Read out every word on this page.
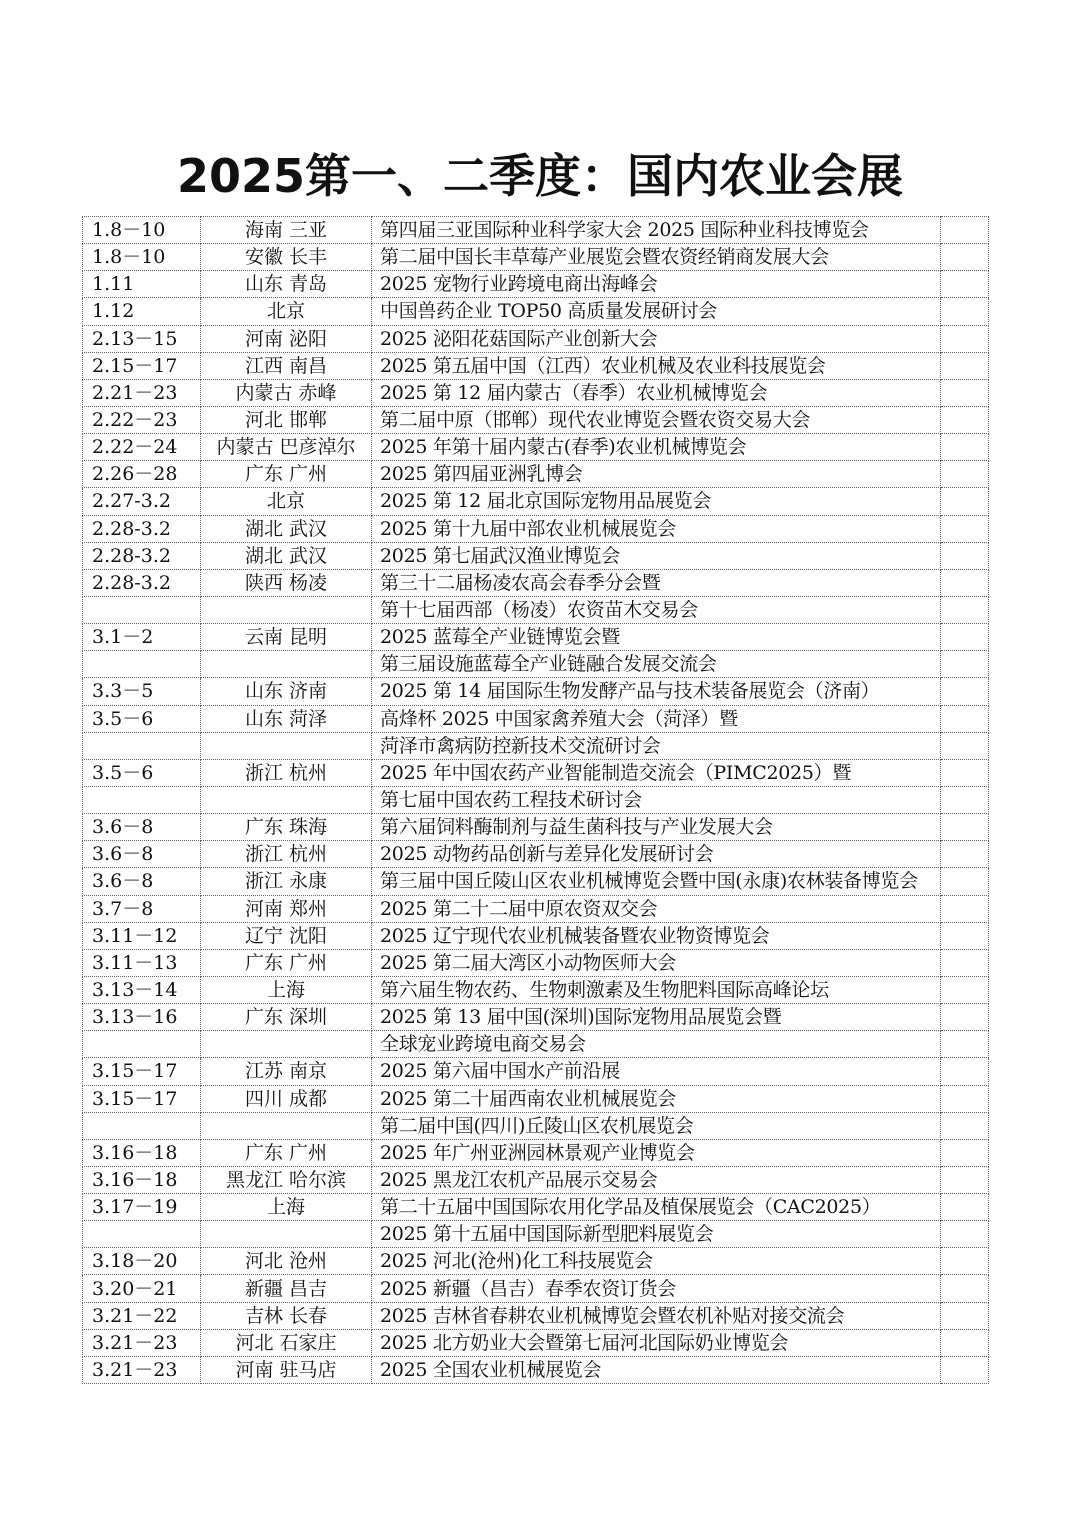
2025第一、二季度：国内农业会展
1.8－10	海南 三亚	第四届三亚国际种业科学家大会 2025 国际种业科技博览会	
1.8－10	安徽 长丰	第二届中国长丰草莓产业展览会暨农资经销商发展大会	
1.11	山东 青岛	2025 宠物行业跨境电商出海峰会	
1.12	北京	中国兽药企业 TOP50 高质量发展研讨会	
2.13－15	河南 泌阳	2025 泌阳花菇国际产业创新大会	
2.15－17	江西 南昌	2025 第五届中国（江西）农业机械及农业科技展览会	
2.21－23	内蒙古 赤峰	2025 第 12 届内蒙古（春季）农业机械博览会	
2.22－23	河北 邯郸	第二届中原（邯郸）现代农业博览会暨农资交易大会	
2.22－24	内蒙古 巴彦淖尔	2025 年第十届内蒙古(春季)农业机械博览会	
2.26－28	广东 广州	2025 第四届亚洲乳博会	
2.27-3.2	北京	2025 第 12 届北京国际宠物用品展览会	
2.28-3.2	湖北 武汉	2025 第十九届中部农业机械展览会	
2.28-3.2	湖北 武汉	2025 第七届武汉渔业博览会	
2.28-3.2	陕西 杨凌	第三十二届杨凌农高会春季分会暨	
		第十七届西部（杨凌）农资苗木交易会	
3.1－2	云南 昆明	2025 蓝莓全产业链博览会暨	
		第三届设施蓝莓全产业链融合发展交流会	
3.3－5	山东 济南	2025 第 14 届国际生物发酵产品与技术装备展览会（济南）	
3.5－6	山东 菏泽	高烽杯 2025 中国家禽养殖大会（菏泽）暨	
		菏泽市禽病防控新技术交流研讨会	
3.5－6	浙江 杭州	2025 年中国农药产业智能制造交流会（PIMC2025）暨	
		第七届中国农药工程技术研讨会	
3.6－8	广东 珠海	第六届饲料酶制剂与益生菌科技与产业发展大会	
3.6－8	浙江 杭州	2025 动物药品创新与差异化发展研讨会	
3.6－8	浙江 永康	第三届中国丘陵山区农业机械博览会暨中国(永康)农林装备博览会	
3.7－8	河南 郑州	2025 第二十二届中原农资双交会	
3.11－12	辽宁 沈阳	2025 辽宁现代农业机械装备暨农业物资博览会	
3.11－13	广东 广州	2025 第二届大湾区小动物医师大会	
3.13－14	上海	第六届生物农药、生物刺激素及生物肥料国际高峰论坛	
3.13－16	广东 深圳	2025 第 13 届中国(深圳)国际宠物用品展览会暨	
		全球宠业跨境电商交易会	
3.15－17	江苏 南京	2025 第六届中国水产前沿展	
3.15－17	四川 成都	2025 第二十届西南农业机械展览会	
		第二届中国(四川)丘陵山区农机展览会	
3.16－18	广东 广州	2025 年广州亚洲园林景观产业博览会	
3.16－18	黑龙江 哈尔滨	2025 黑龙江农机产品展示交易会	
3.17－19	上海	第二十五届中国国际农用化学品及植保展览会（CAC2025）	
		2025 第十五届中国国际新型肥料展览会	
3.18－20	河北 沧州	2025 河北(沧州)化工科技展览会	
3.20－21	新疆 昌吉	2025 新疆（昌吉）春季农资订货会	
3.21－22	吉林 长春	2025 吉林省春耕农业机械博览会暨农机补贴对接交流会	
3.21－23	河北 石家庄	2025 北方奶业大会暨第七届河北国际奶业博览会	
3.21－23	河南 驻马店	2025 全国农业机械展览会	
